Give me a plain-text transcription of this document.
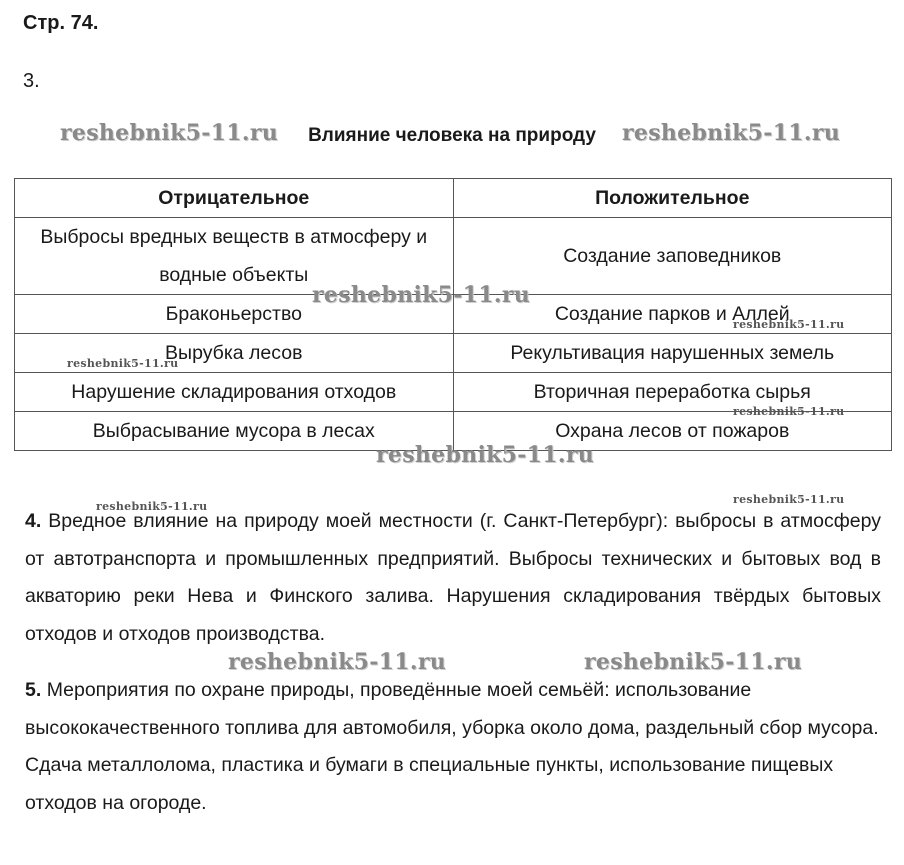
Стр. 74.
3.
Влияние человека на природу
Отрицательное	Положительное
Выбросы вредных веществ в атмосферу и водные объекты	Создание заповедников
Браконьерство	Создание парков и Аллей
Вырубка лесов	Рекультивация нарушенных земель
Нарушение складирования отходов	Вторичная переработка сырья
Выбрасывание мусора в лесах	Охрана лесов от пожаров
4. Вредное влияние на природу моей местности (г. Санкт-Петербург): выбросы в атмосферу от автотранспорта и промышленных предприятий. Выбросы технических и бытовых вод в акваторию реки Нева и Финского залива. Нарушения складирования твёрдых бытовых отходов и отходов производства.
5. Мероприятия по охране природы, проведённые моей семьёй: использование высококачественного топлива для автомобиля, уборка около дома, раздельный сбор мусора. Сдача металлолома, пластика и бумаги в специальные пункты, использование пищевых отходов на огороде.
reshebnik5-11.ru	reshebnik5-11.ru
reshebnik5-11.ru
reshebnik5-11.ru
reshebnik5-11.ru
reshebnik5-11.ru
reshebnik5-11.ru
reshebnik5-11.ru
reshebnik5-11.ru
reshebnik5-11.ru	reshebnik5-11.ru
